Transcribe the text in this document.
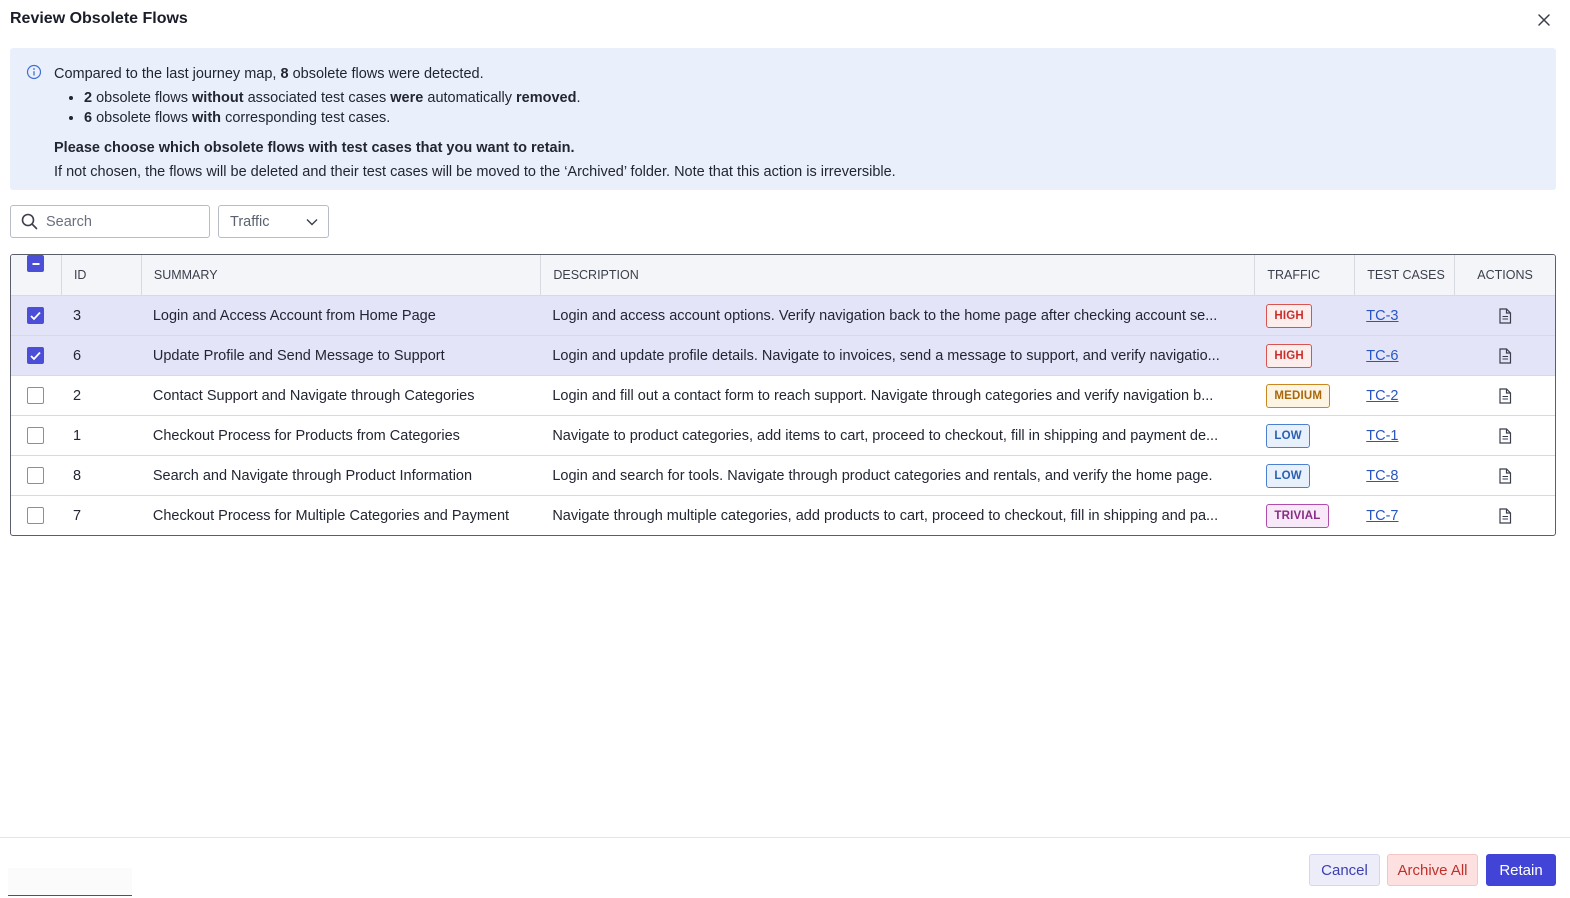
Review Obsolete Flows
Compared to the last journey map, 8 obsolete flows were detected.
• 2 obsolete flows without associated test cases were automatically removed.
• 6 obsolete flows with corresponding test cases.
Please choose which obsolete flows with test cases that you want to retain.
If not chosen, the flows will be deleted and their test cases will be moved to the ‘Archived’ folder. Note that this action is irreversible.
Search
Traffic
ID	SUMMARY	DESCRIPTION	TRAFFIC	TEST CASES	ACTIONS
3	Login and Access Account from Home Page	Login and access account options. Verify navigation back to the home page after checking account se...	HIGH	TC-3
6	Update Profile and Send Message to Support	Login and update profile details. Navigate to invoices, send a message to support, and verify navigatio...	HIGH	TC-6
2	Contact Support and Navigate through Categories	Login and fill out a contact form to reach support. Navigate through categories and verify navigation b...	MEDIUM	TC-2
1	Checkout Process for Products from Categories	Navigate to product categories, add items to cart, proceed to checkout, fill in shipping and payment de...	LOW	TC-1
8	Search and Navigate through Product Information	Login and search for tools. Navigate through product categories and rentals, and verify the home page.	LOW	TC-8
7	Checkout Process for Multiple Categories and Payment	Navigate through multiple categories, add products to cart, proceed to checkout, fill in shipping and pa...	TRIVIAL	TC-7
Cancel	Archive All	Retain
